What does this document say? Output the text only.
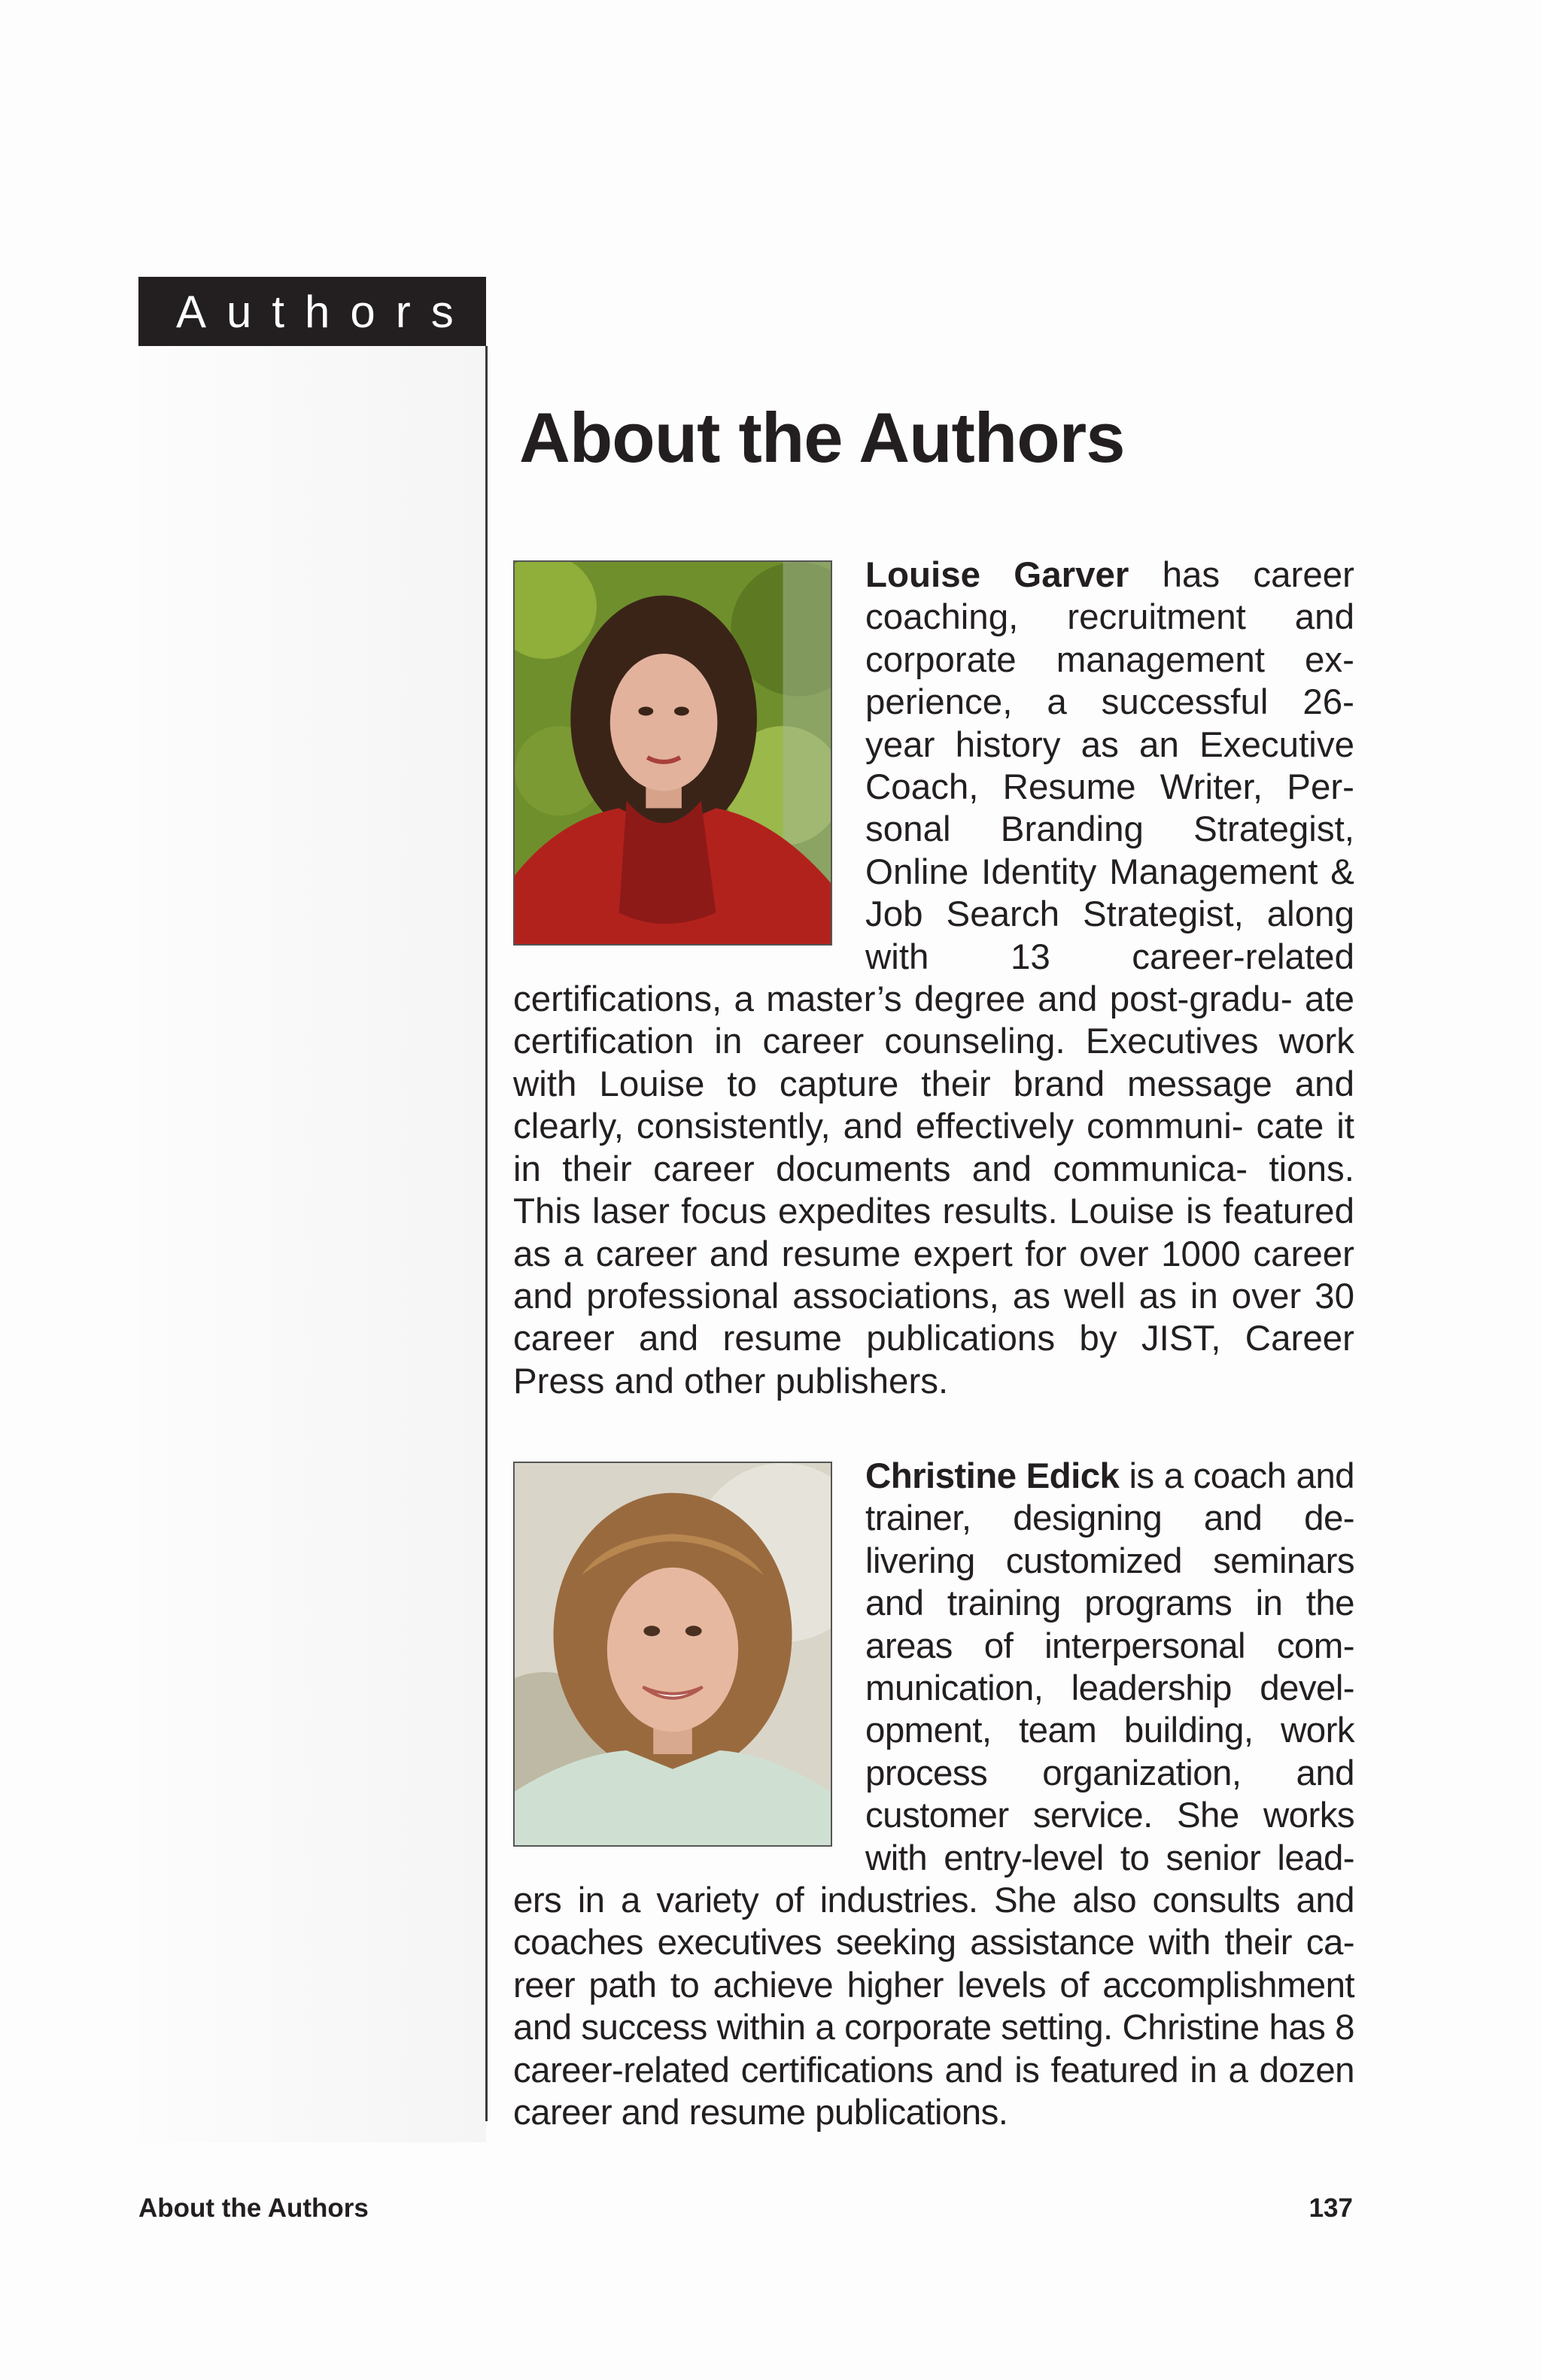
Authors
About the Authors

Louise Garver has career coaching, recruitment and corporate management ex- perience, a successful 26- year history as an Executive Coach, Resume Writer, Per- sonal Branding Strategist, Online Identity Management & Job Search Strategist, along with 13 career-related certifications, a master’s degree and post-gradu- ate certification in career counseling. Executives work with Louise to capture their brand message and clearly, consistently, and effectively communi- cate it in their career documents and communica- tions. This laser focus expedites results. Louise is featured as a career and resume expert for over 1000 career and professional associations, as well as in over 30 career and resume publications by JIST, Career Press and other publishers.

Christine Edick is a coach and trainer, designing and de- livering customized seminars and training programs in the areas of interpersonal com- munication, leadership devel- opment, team building, work process organization, and customer service. She works with entry-level to senior lead- ers in a variety of industries. She also consults and coaches executives seeking assistance with their ca- reer path to achieve higher levels of accomplishment and success within a corporate setting. Christine has 8 career-related certifications and is featured in a dozen career and resume publications.

About the Authors	137
